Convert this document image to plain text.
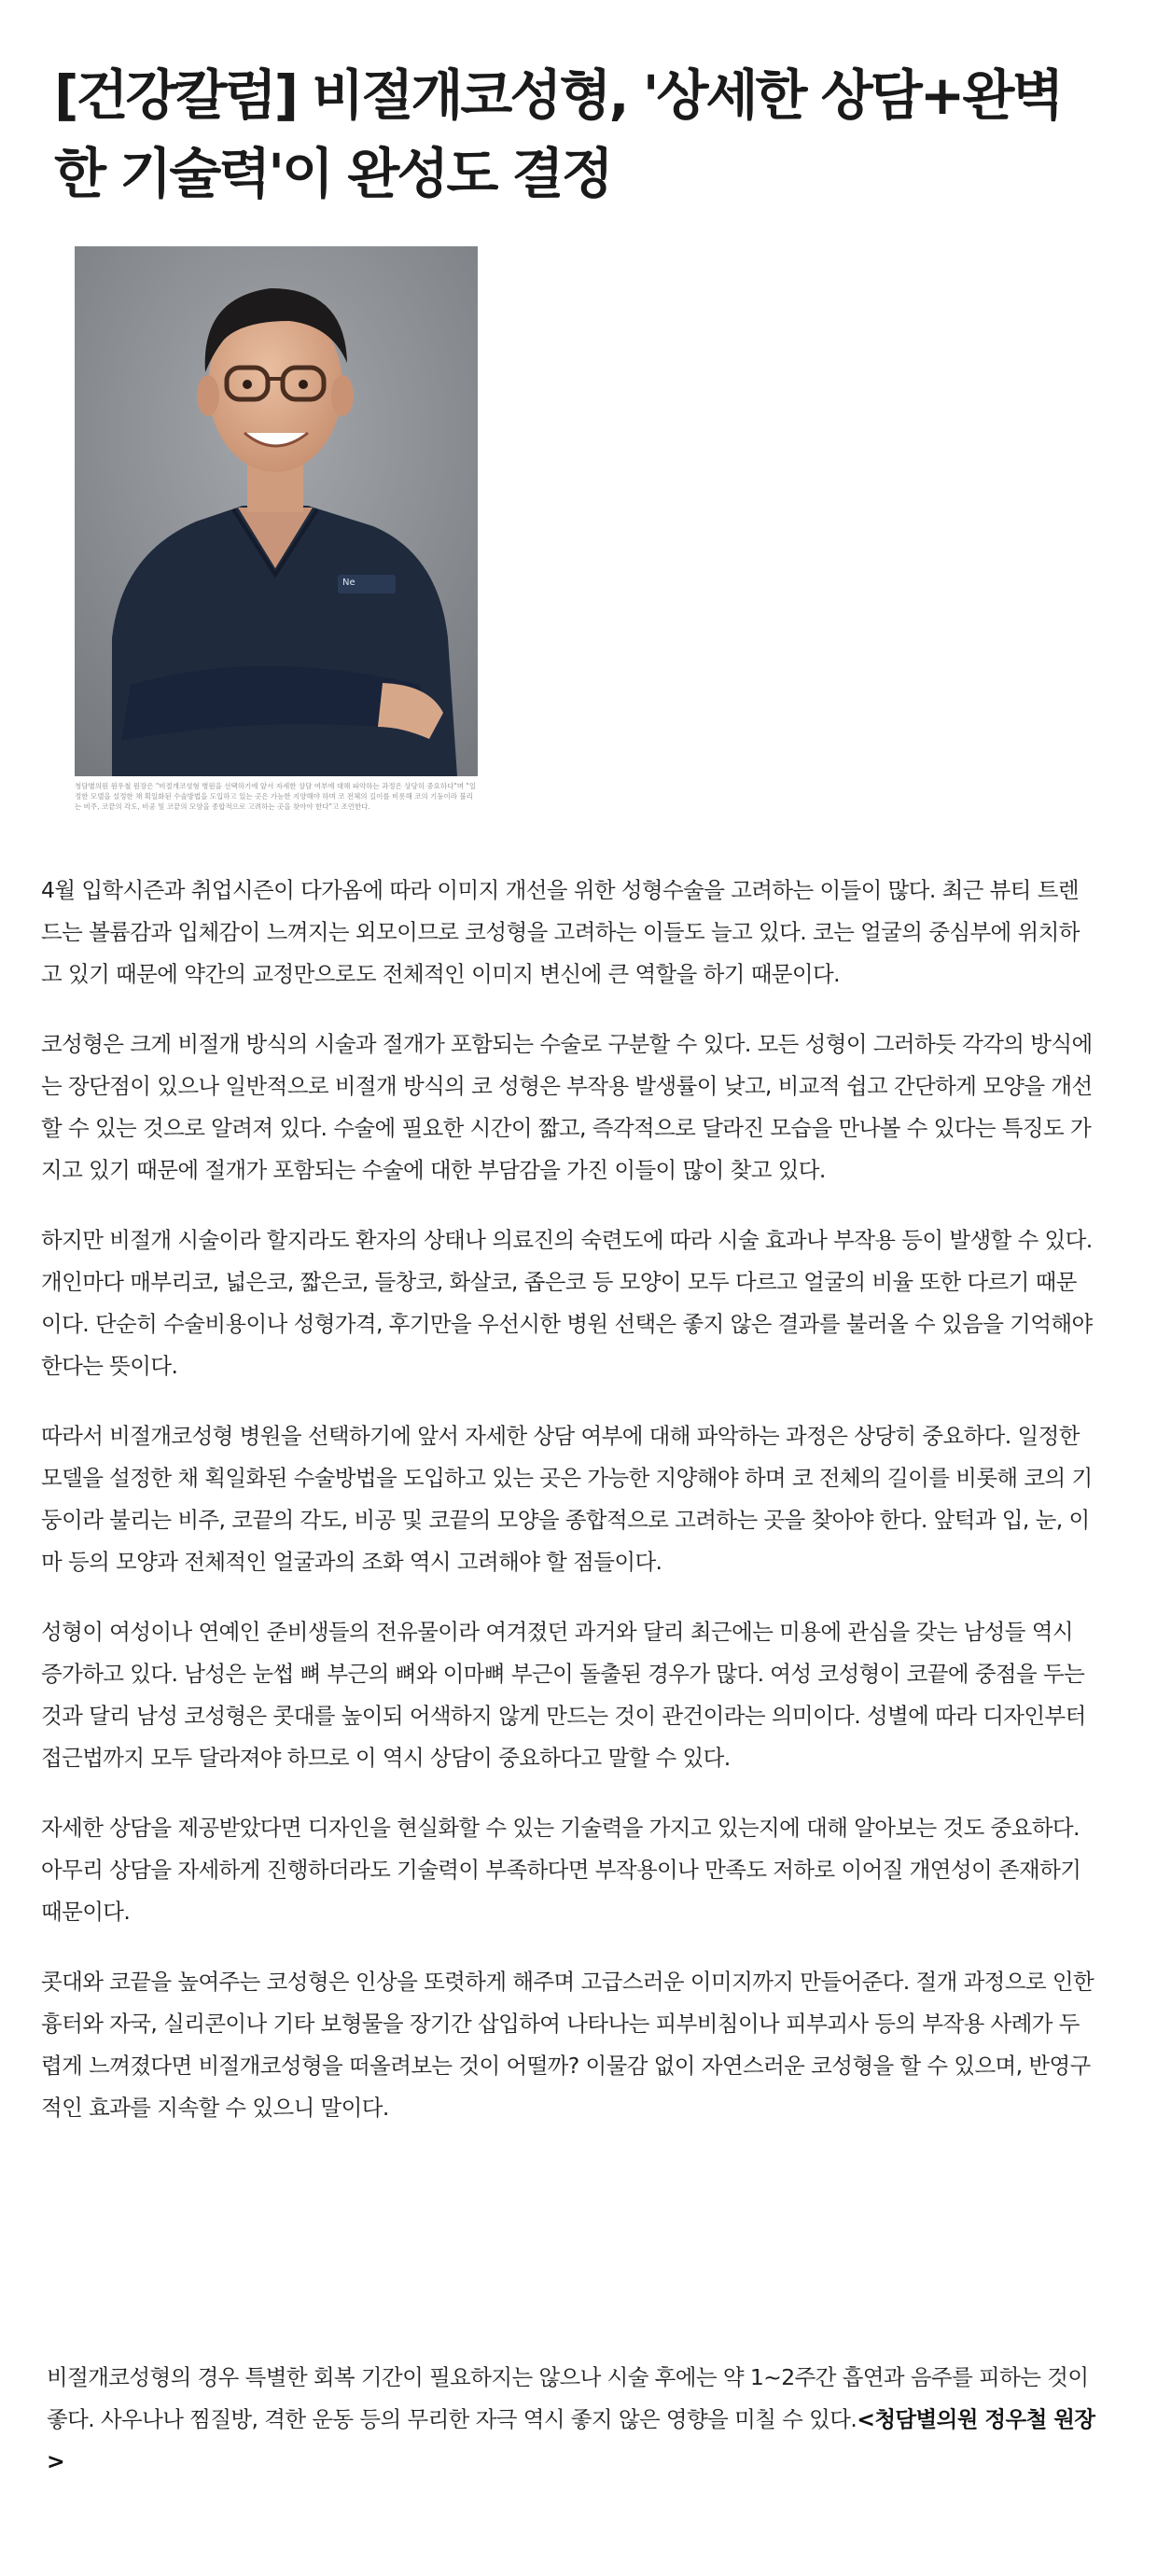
[건강칼럼] 비절개코성형, '상세한 상담+완벽한 기술력'이 완성도 결정
Ne

청담별의원 원우철 원장은 "비절개코성형 병원을 선택하기에 앞서 자세한 상담 여부에 대해 파악하는 과정은 상당히 중요하다"며 "일정한 모델을 설정한 채 획일화된 수술방법을 도입하고 있는 곳은 가능한 지양해야 하며 코 전체의 길이를 비롯해 코의 기둥이라 불리는 비주, 코끝의 각도, 비공 및 코끝의 모양을 종합적으로 고려하는 곳을 찾아야 한다"고 조언한다.

4월 입학시즌과 취업시즌이 다가옴에 따라 이미지 개선을 위한 성형수술을 고려하는 이들이 많다. 최근 뷰티 트렌드는 볼륨감과 입체감이 느껴지는 외모이므로 코성형을 고려하는 이들도 늘고 있다. 코는 얼굴의 중심부에 위치하고 있기 때문에 약간의 교정만으로도 전체적인 이미지 변신에 큰 역할을 하기 때문이다.

코성형은 크게 비절개 방식의 시술과 절개가 포함되는 수술로 구분할 수 있다. 모든 성형이 그러하듯 각각의 방식에는 장단점이 있으나 일반적으로 비절개 방식의 코 성형은 부작용 발생률이 낮고, 비교적 쉽고 간단하게 모양을 개선할 수 있는 것으로 알려져 있다. 수술에 필요한 시간이 짧고, 즉각적으로 달라진 모습을 만나볼 수 있다는 특징도 가지고 있기 때문에 절개가 포함되는 수술에 대한 부담감을 가진 이들이 많이 찾고 있다.

하지만 비절개 시술이라 할지라도 환자의 상태나 의료진의 숙련도에 따라 시술 효과나 부작용 등이 발생할 수 있다. 개인마다 매부리코, 넓은코, 짧은코, 들창코, 화살코, 좁은코 등 모양이 모두 다르고 얼굴의 비율 또한 다르기 때문이다. 단순히 수술비용이나 성형가격, 후기만을 우선시한 병원 선택은 좋지 않은 결과를 불러올 수 있음을 기억해야 한다는 뜻이다.

따라서 비절개코성형 병원을 선택하기에 앞서 자세한 상담 여부에 대해 파악하는 과정은 상당히 중요하다. 일정한 모델을 설정한 채 획일화된 수술방법을 도입하고 있는 곳은 가능한 지양해야 하며 코 전체의 길이를 비롯해 코의 기둥이라 불리는 비주, 코끝의 각도, 비공 및 코끝의 모양을 종합적으로 고려하는 곳을 찾아야 한다. 앞턱과 입, 눈, 이마 등의 모양과 전체적인 얼굴과의 조화 역시 고려해야 할 점들이다.

성형이 여성이나 연예인 준비생들의 전유물이라 여겨졌던 과거와 달리 최근에는 미용에 관심을 갖는 남성들 역시 증가하고 있다. 남성은 눈썹 뼈 부근의 뼈와 이마뼈 부근이 돌출된 경우가 많다. 여성 코성형이 코끝에 중점을 두는 것과 달리 남성 코성형은 콧대를 높이되 어색하지 않게 만드는 것이 관건이라는 의미이다. 성별에 따라 디자인부터 접근법까지 모두 달라져야 하므로 이 역시 상담이 중요하다고 말할 수 있다.

자세한 상담을 제공받았다면 디자인을 현실화할 수 있는 기술력을 가지고 있는지에 대해 알아보는 것도 중요하다. 아무리 상담을 자세하게 진행하더라도 기술력이 부족하다면 부작용이나 만족도 저하로 이어질 개연성이 존재하기 때문이다.

콧대와 코끝을 높여주는 코성형은 인상을 또렷하게 해주며 고급스러운 이미지까지 만들어준다. 절개 과정으로 인한 흉터와 자국, 실리콘이나 기타 보형물을 장기간 삽입하여 나타나는 피부비침이나 피부괴사 등의 부작용 사례가 두렵게 느껴졌다면 비절개코성형을 떠올려보는 것이 어떨까? 이물감 없이 자연스러운 코성형을 할 수 있으며, 반영구적인 효과를 지속할 수 있으니 말이다.

비절개코성형의 경우 특별한 회복 기간이 필요하지는 않으나 시술 후에는 약 1~2주간 흡연과 음주를 피하는 것이 좋다. 사우나나 찜질방, 격한 운동 등의 무리한 자극 역시 좋지 않은 영향을 미칠 수 있다.<청담별의원 정우철 원장>
